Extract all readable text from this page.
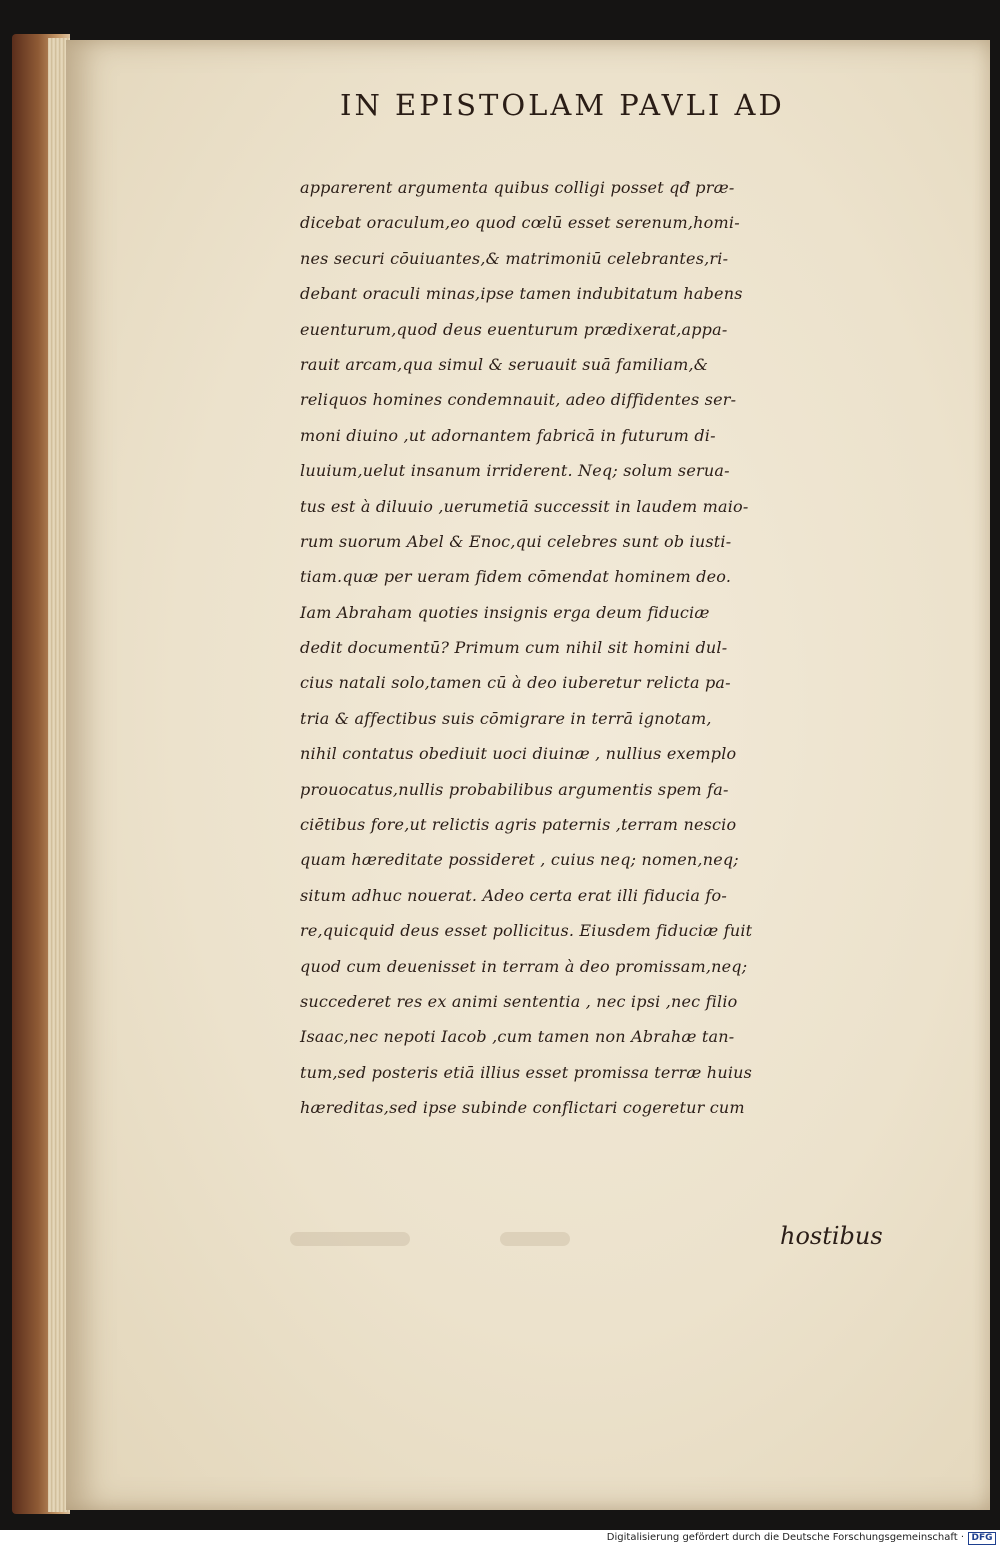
IN EPISTOLAM PAVLI AD
apparerent argumenta quibus colligi posset qđ præ-
dicebat oraculum,eo quod cœlū esset serenum,homi-
nes securi cōuiuantes,& matrimoniū celebrantes,ri-
debant oraculi minas,ipse tamen indubitatum habens
euenturum,quod deus euenturum prædixerat,appa-
rauit arcam,qua simul & seruauit suā familiam,&
reliquos homines condemnauit, adeo diffidentes ser-
moni diuino ,ut adornantem fabricā in futurum di-
luuium,uelut insanum irriderent. Neq; solum serua-
tus est à diluuio ,uerumetiā successit in laudem maio-
rum suorum Abel & Enoc,qui celebres sunt ob iusti-
tiam.quæ per ueram fidem cōmendat hominem deo.
Iam Abraham quoties insignis erga deum fiduciæ
dedit documentū? Primum cum nihil sit homini dul-
cius natali solo,tamen cū à deo iuberetur relicta pa-
tria & affectibus suis cōmigrare in terrā ignotam,
nihil contatus obediuit uoci diuinæ , nullius exemplo
prouocatus,nullis probabilibus argumentis spem fa-
ciētibus fore,ut relictis agris paternis ,terram nescio
quam hæreditate possideret , cuius neq; nomen,neq;
situm adhuc nouerat. Adeo certa erat illi fiducia fo-
re,quicquid deus esset pollicitus. Eiusdem fiduciæ fuit
quod cum deuenisset in terram à deo promissam,neq;
succederet res ex animi sententia , nec ipsi ,nec filio
Isaac,nec nepoti Iacob ,cum tamen non Abrahæ tan-
tum,sed posteris etiā illius esset promissa terræ huius
hæreditas,sed ipse subinde conflictari cogeretur cum
hostibus
Digitalisierung gefördert durch die Deutsche Forschungsgemeinschaft · DFG
